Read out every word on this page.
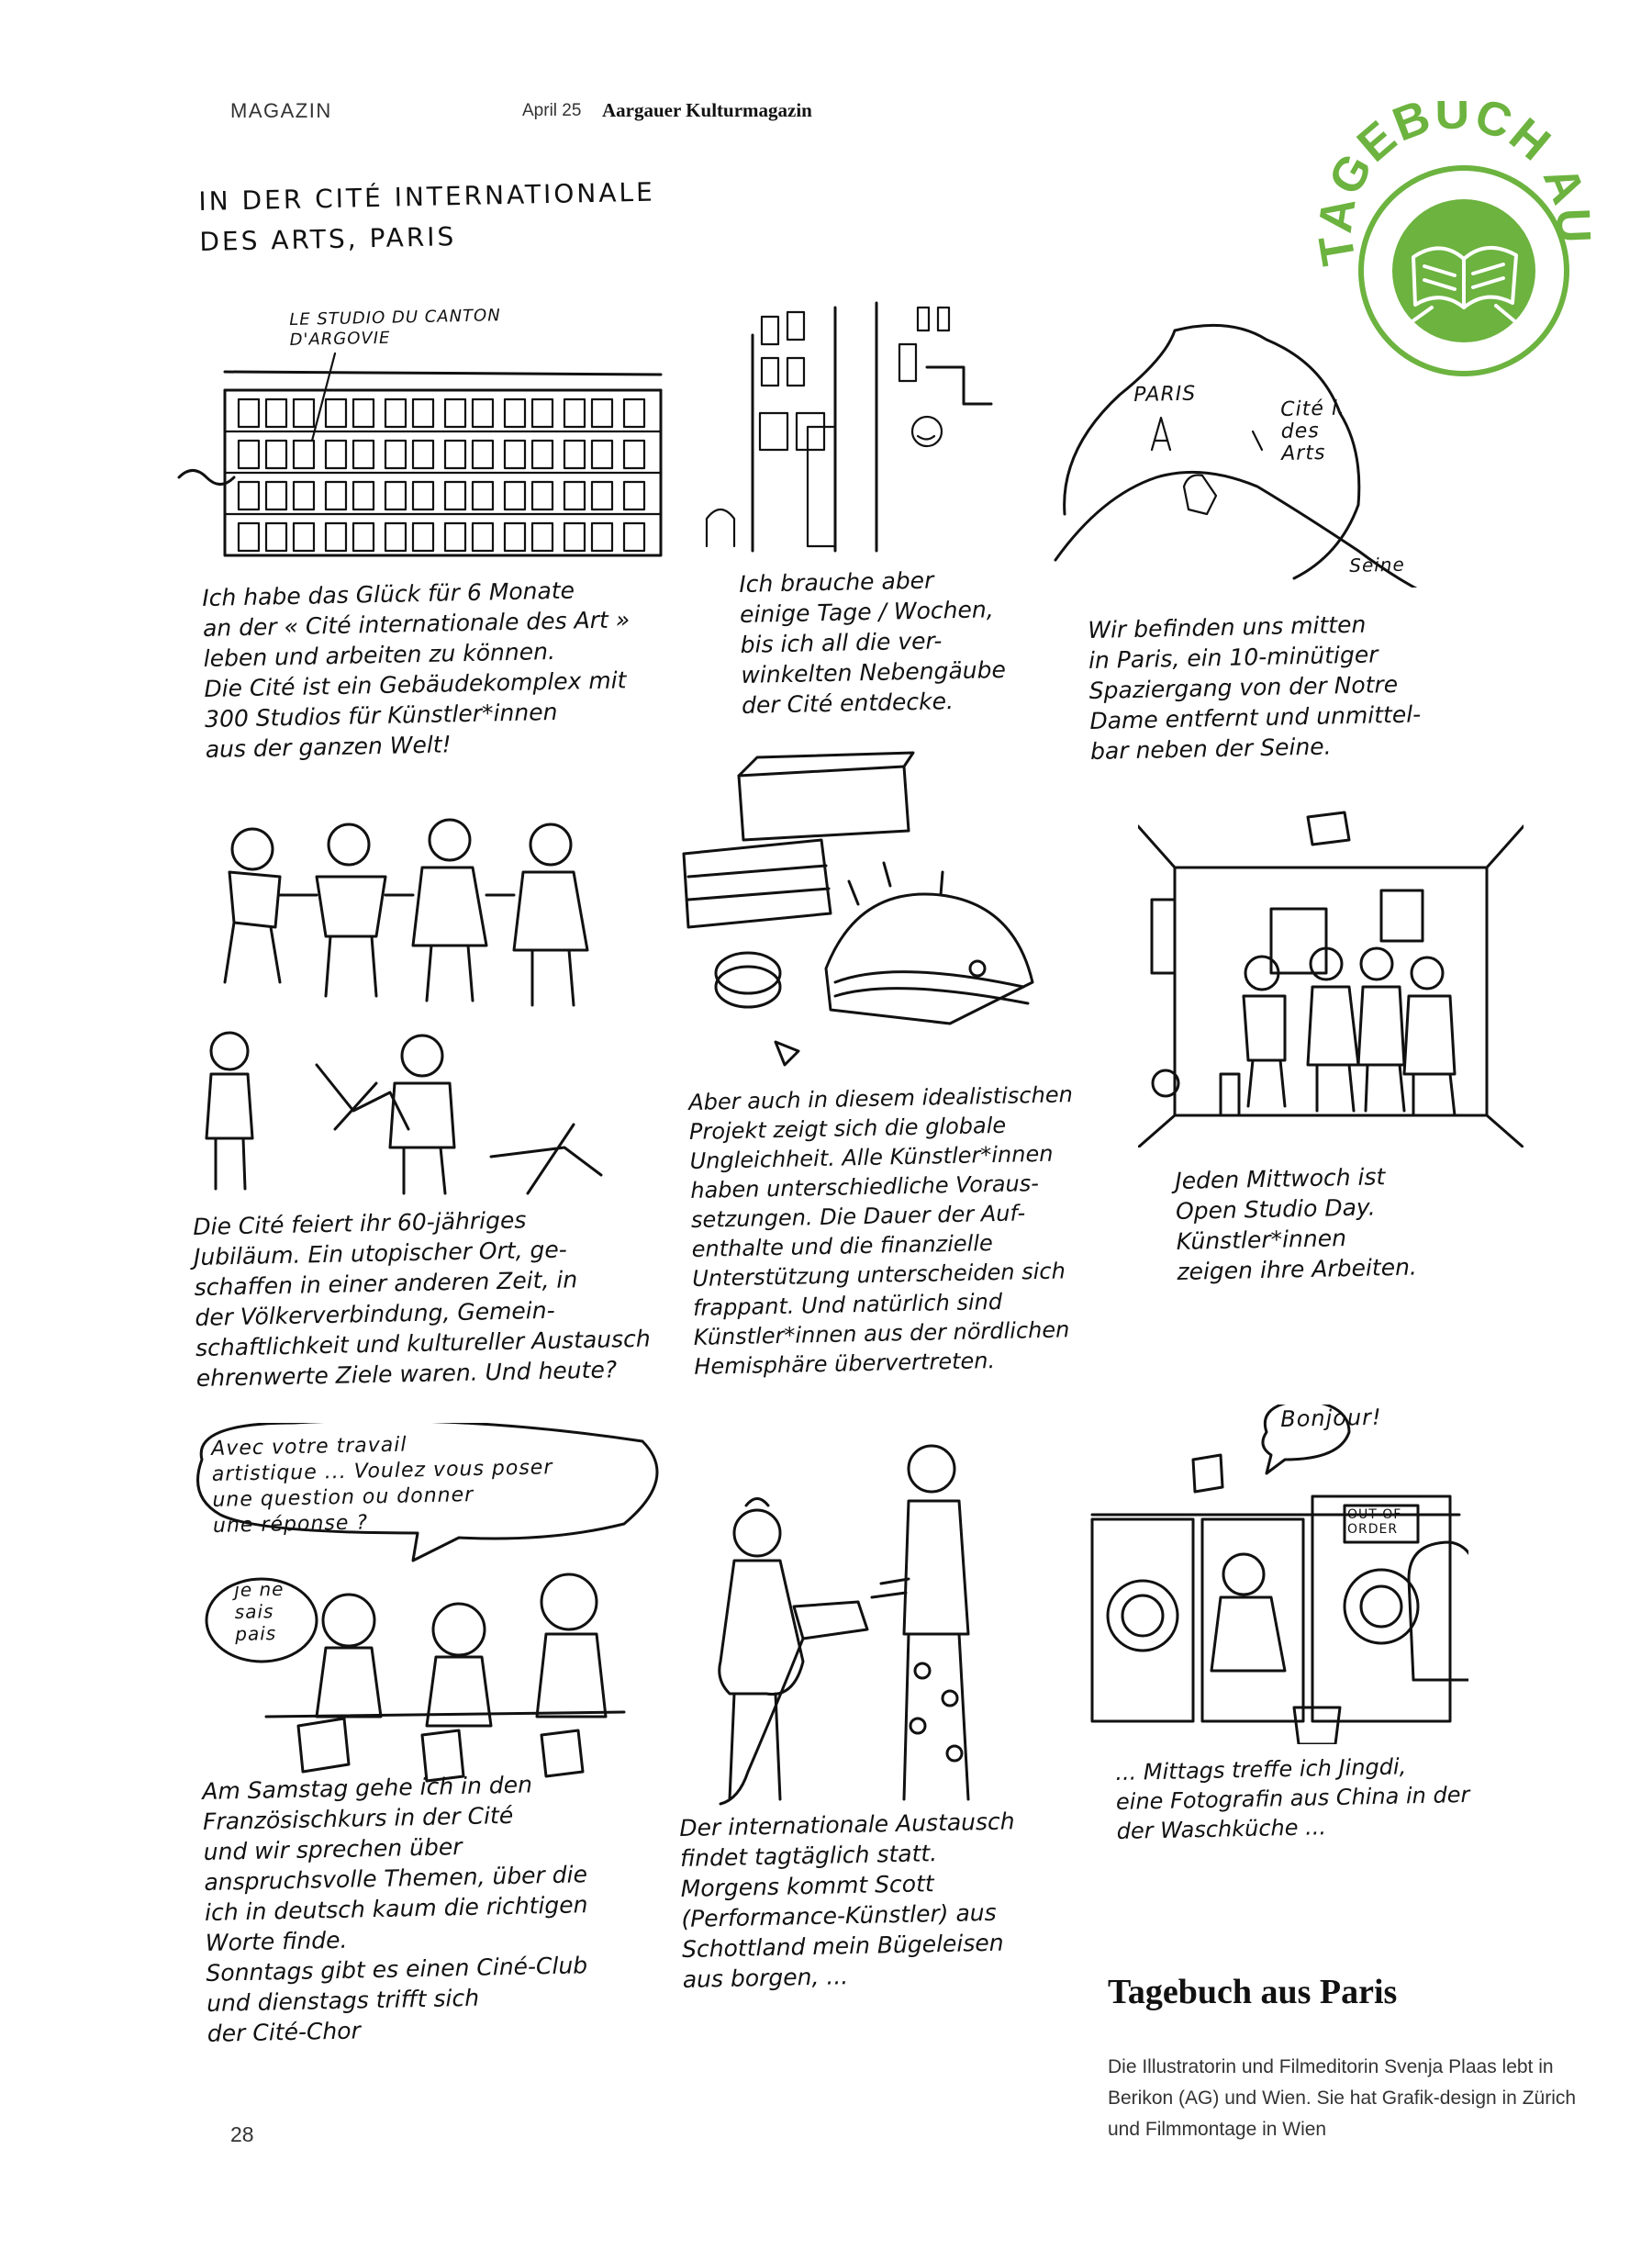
MAGAZIN	April 25 Aargauer Kulturmagazin
TAGEBUCH AU
IN DER CITÉ INTERNATIONALE
DES ARTS, PARIS
LE STUDIO DU CANTON
D'ARGOVIE
Ich habe das Glück für 6 Monate
an der « Cité internationale des Art »
leben und arbeiten zu können.
Die Cité ist ein Gebäudekomplex mit
300 Studios für Künstler*innen
aus der ganzen Welt!
Ich brauche aber
einige Tage / Wochen,
bis ich all die ver-
winkelten Nebengäube
der Cité entdecke.
PARIS
Cité i.
des
Arts
Seine
Wir befinden uns mitten
in Paris, ein 10-minütiger
Spaziergang von der Notre
Dame entfernt und unmittel-
bar neben der Seine.
Die Cité feiert ihr 60-jähriges
Jubiläum. Ein utopischer Ort, ge-
schaffen in einer anderen Zeit, in
der Völkerverbindung, Gemein-
schaftlichkeit und kultureller Austausch
ehrenwerte Ziele waren. Und heute?
Aber auch in diesem idealistischen
Projekt zeigt sich die globale
Ungleichheit. Alle Künstler*innen
haben unterschiedliche Voraus-
setzungen. Die Dauer der Auf-
enthalte und die finanzielle
Unterstützung unterscheiden sich
frappant. Und natürlich sind
Künstler*innen aus der nördlichen
Hemisphäre übervertreten.
Jeden Mittwoch ist
Open Studio Day.
Künstler*innen
zeigen ihre Arbeiten.
Avec votre travail
artistique ... Voulez vous poser
une question ou donner
une réponse ?
je ne
sais
pais
Am Samstag gehe ich in den
Französischkurs in der Cité
und wir sprechen über
anspruchsvolle Themen, über die
ich in deutsch kaum die richtigen
Worte finde.
Sonntags gibt es einen Ciné-Club
und dienstags trifft sich
der Cité-Chor
Der internationale Austausch
findet tagtäglich statt.
Morgens kommt Scott
(Performance-Künstler) aus
Schottland mein Bügeleisen
aus borgen, ...
Bonjour!
OUT OF
ORDER
... Mittags treffe ich Jingdi,
eine Fotografin aus China in der
der Waschküche ...
Tagebuch aus Paris
Die Illustratorin und Filmeditorin Svenja Plaas lebt in Berikon (AG) und Wien. Sie hat Grafik-design in Zürich und Filmmontage in Wien
28
